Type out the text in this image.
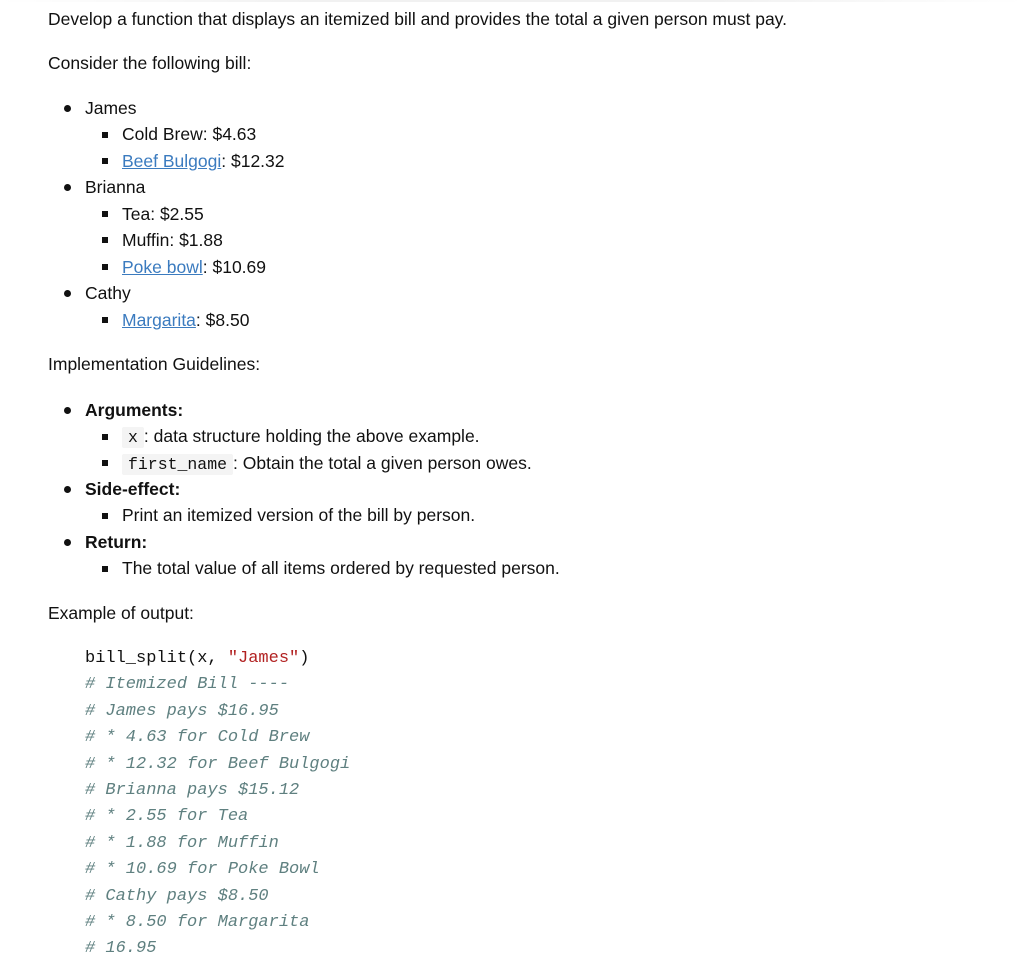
Develop a function that displays an itemized bill and provides the total a given person must pay.
Consider the following bill:
James
Cold Brew: $4.63
Beef Bulgogi: $12.32
Brianna
Tea: $2.55
Muffin: $1.88
Poke bowl: $10.69
Cathy
Margarita: $8.50
Implementation Guidelines:
Arguments:
x : data structure holding the above example.
first_name : Obtain the total a given person owes.
Side-effect:
Print an itemized version of the bill by person.
Return:
The total value of all items ordered by requested person.
Example of output:
bill_split(x, "James")
# Itemized Bill ----
# James pays $16.95
# * 4.63 for Cold Brew
# * 12.32 for Beef Bulgogi
# Brianna pays $15.12
# * 2.55 for Tea
# * 1.88 for Muffin
# * 10.69 for Poke Bowl
# Cathy pays $8.50
# * 8.50 for Margarita
# 16.95
